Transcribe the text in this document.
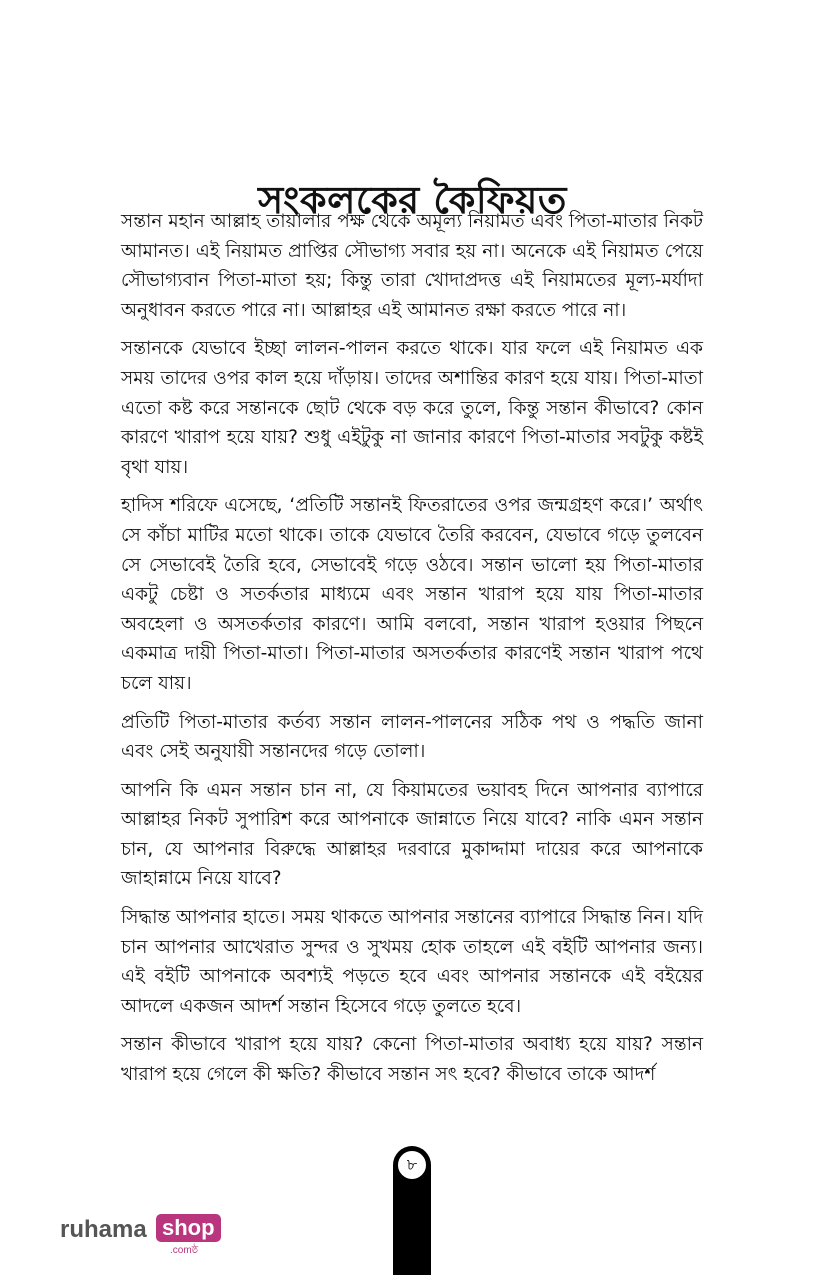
সংকলকের কৈফিয়ত

সন্তান মহান আল্লাহ তায়ালার পক্ষ থেকে অমূল্য নিয়ামত এবং পিতা-মাতার নিকট আমানত। এই নিয়ামত প্রাপ্তির সৌভাগ্য সবার হয় না। অনেকে এই নিয়ামত পেয়ে সৌভাগ্যবান পিতা-মাতা হয়; কিন্তু তারা খোদাপ্রদত্ত এই নিয়ামতের মূল্য-মর্যাদা অনুধাবন করতে পারে না। আল্লাহর এই আমানত রক্ষা করতে পারে না।

সন্তানকে যেভাবে ইচ্ছা লালন-পালন করতে থাকে। যার ফলে এই নিয়ামত এক সময় তাদের ওপর কাল হয়ে দাঁড়ায়। তাদের অশান্তির কারণ হয়ে যায়। পিতা-মাতা এতো কষ্ট করে সন্তানকে ছোট থেকে বড় করে তুলে, কিন্তু সন্তান কীভাবে? কোন কারণে খারাপ হয়ে যায়? শুধু এইটুকু না জানার কারণে পিতা-মাতার সবটুকু কষ্টই বৃথা যায়।

হাদিস শরিফে এসেছে, ‘প্রতিটি সন্তানই ফিতরাতের ওপর জন্মগ্রহণ করে।’ অর্থাৎ সে কাঁচা মাটির মতো থাকে। তাকে যেভাবে তৈরি করবেন, যেভাবে গড়ে তুলবেন সে সেভাবেই তৈরি হবে, সেভাবেই গড়ে ওঠবে। সন্তান ভালো হয় পিতা-মাতার একটু চেষ্টা ও সতর্কতার মাধ্যমে এবং সন্তান খারাপ হয়ে যায় পিতা-মাতার অবহেলা ও অসতর্কতার কারণে। আমি বলবো, সন্তান খারাপ হওয়ার পিছনে একমাত্র দায়ী পিতা-মাতা। পিতা-মাতার অসতর্কতার কারণেই সন্তান খারাপ পথে চলে যায়।

প্রতিটি পিতা-মাতার কর্তব্য সন্তান লালন-পালনের সঠিক পথ ও পদ্ধতি জানা এবং সেই অনুযায়ী সন্তানদের গড়ে তোলা।

আপনি কি এমন সন্তান চান না, যে কিয়ামতের ভয়াবহ দিনে আপনার ব্যাপারে আল্লাহর নিকট সুপারিশ করে আপনাকে জান্নাতে নিয়ে যাবে? নাকি এমন সন্তান চান, যে আপনার বিরুদ্ধে আল্লাহর দরবারে মুকাদ্দামা দায়ের করে আপনাকে জাহান্নামে নিয়ে যাবে?

সিদ্ধান্ত আপনার হাতে। সময় থাকতে আপনার সন্তানের ব্যাপারে সিদ্ধান্ত নিন। যদি চান আপনার আখেরাত সুন্দর ও সুখময় হোক তাহলে এই বইটি আপনার জন্য। এই বইটি আপনাকে অবশ্যই পড়তে হবে এবং আপনার সন্তানকে এই বইয়ের আদলে একজন আদর্শ সন্তান হিসেবে গড়ে তুলতে হবে।

সন্তান কীভাবে খারাপ হয়ে যায়? কেনো পিতা-মাতার অবাধ্য হয়ে যায়? সন্তান খারাপ হয়ে গেলে কী ক্ষতি? কীভাবে সন্তান সৎ হবে? কীভাবে তাকে আদর্শ

৮
ruhama shop
.comষ্ঠ
